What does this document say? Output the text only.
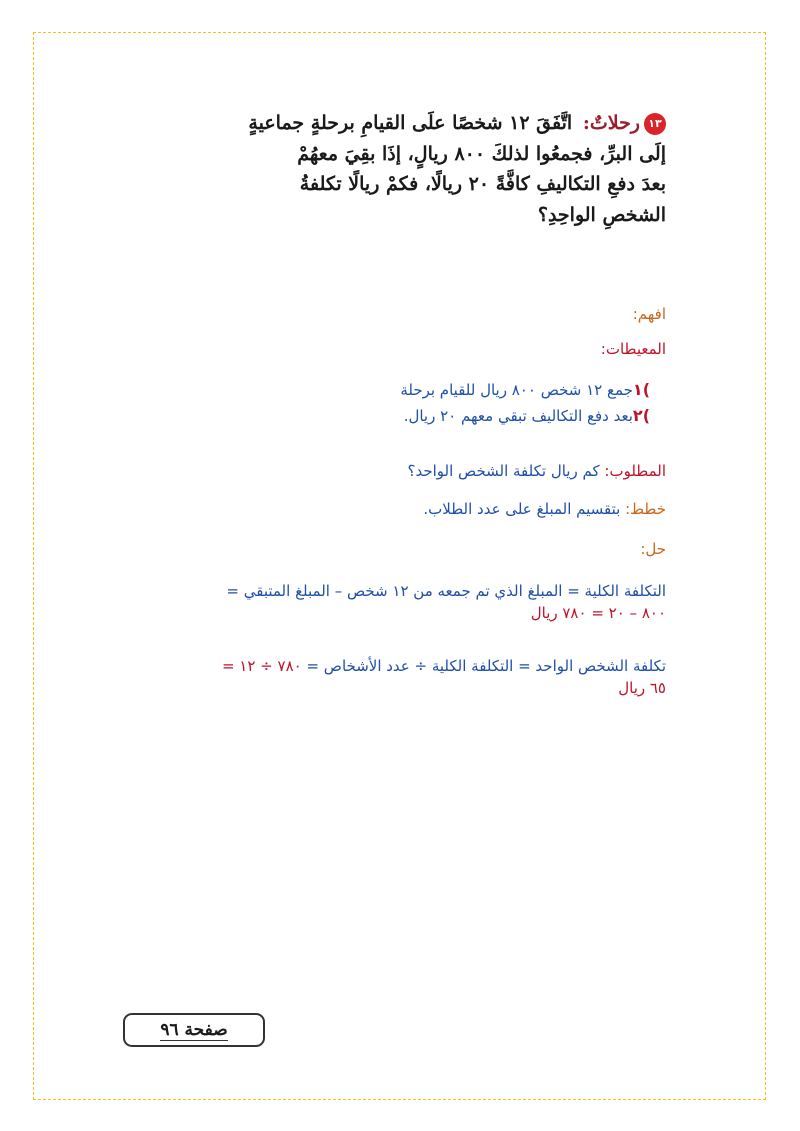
١٣رحلاتٌ: اتَّفَقَ ١٢ شخصًا علَى القيامِ برحلةٍ جماعيةٍ
إلَى البرِّ، فجمعُوا لذلكَ ٨٠٠ ريالٍ، إذَا بقِيَ معهُمْ
بعدَ دفعِ التكاليفِ كافَّةً ٢٠ ريالًا، فكمْ ريالًا تكلفةُ
الشخصِ الواحِدِ؟
افهم:
المعيطات:
)١جمع ١٢ شخص ٨٠٠ ريال للقيام برحلة
)٢بعد دفع التكاليف تبقي معهم ٢٠ ريال.
المطلوب: كم ريال تكلفة الشخص الواحد؟
خطط: بتقسيم المبلغ على عدد الطلاب.
حل:
التكلفة الكلية = المبلغ الذي تم جمعه من ١٢ شخص – المبلغ المتبقي =
٨٠٠ – ٢٠ = ٧٨٠ ريال
تكلفة الشخص الواحد = التكلفة الكلية ÷ عدد الأشخاص = ٧٨٠ ÷ ١٢ =
٦٥ ريال
صفحة ٩٦
